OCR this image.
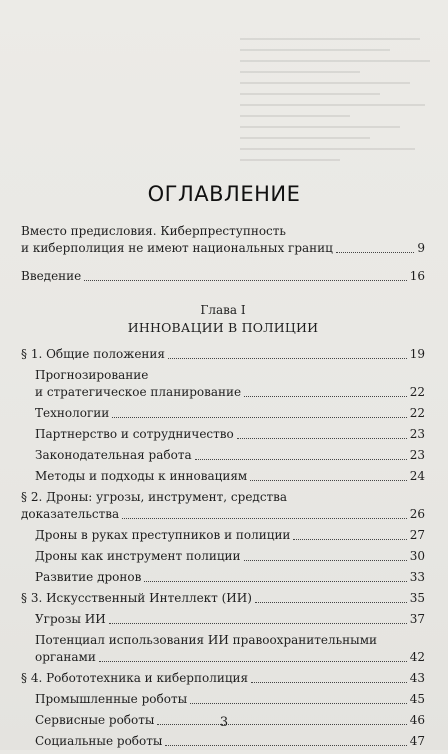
ОГЛАВЛЕНИЕ
Вместо предисловия. Киберпреступность
и киберполиция не имеют национальных границ	9
Введение	16
Глава I
ИННОВАЦИИ В ПОЛИЦИИ
§ 1. Общие положения	19
Прогнозирование
и стратегическое планирование	22
Технологии	22
Партнерство и сотрудничество	23
Законодательная работа	23
Методы и подходы к инновациям	24
§ 2. Дроны: угрозы, инструмент, средства
доказательства	26
Дроны в руках преступников и полиции	27
Дроны как инструмент полиции	30
Развитие дронов	33
§ 3. Искусственный Интеллект (ИИ)	35
Угрозы ИИ	37
Потенциал использования ИИ правоохранительными
органами	42
§ 4. Робототехника и киберполиция	43
Промышленные роботы	45
Сервисные роботы	46
Социальные роботы	47
3
